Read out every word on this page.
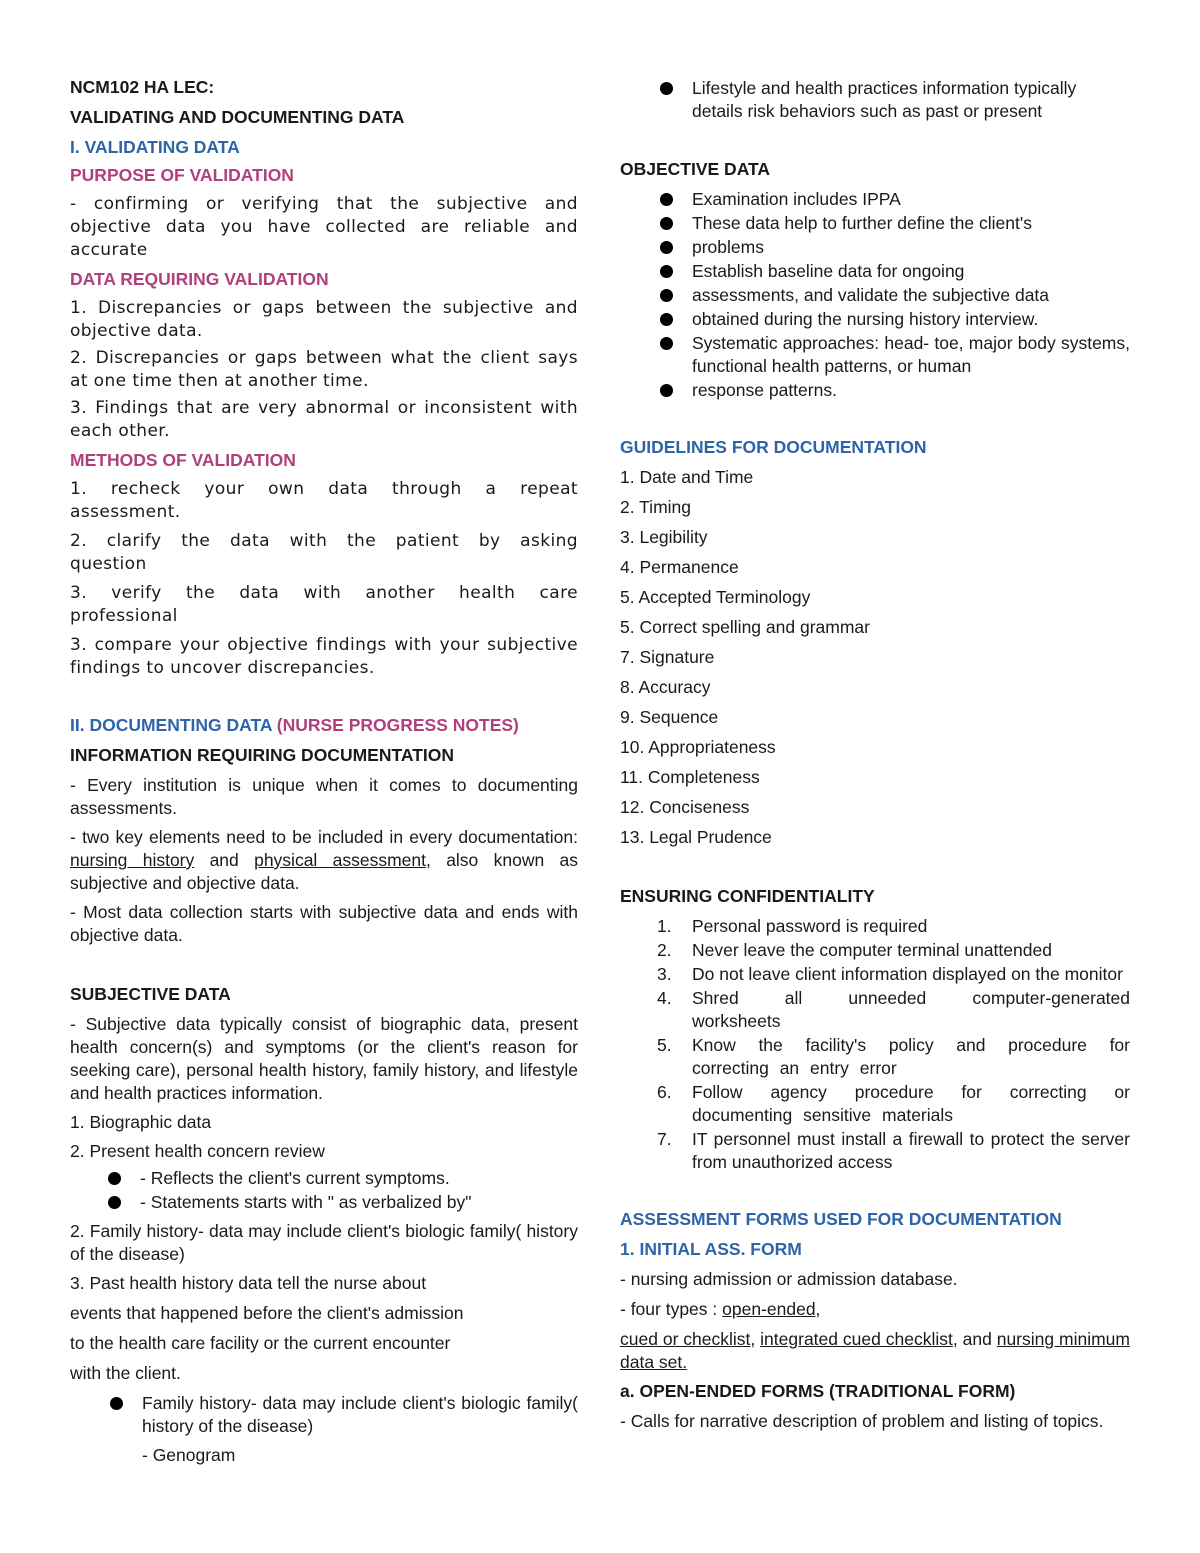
NCM102 HA LEC:
VALIDATING AND DOCUMENTING DATA
I. VALIDATING DATA
PURPOSE OF VALIDATION
- confirming or verifying that the subjective and objective data you have collected are reliable and accurate
DATA REQUIRING VALIDATION
1. Discrepancies or gaps between the subjective and objective data.
2. Discrepancies or gaps between what the client says at one time then at another time.
3. Findings that are very abnormal or inconsistent with each other.
METHODS OF VALIDATION
1. recheck your own data through a repeat assessment.
2. clarify the data with the patient by asking question
3. verify the data with another health care professional
3. compare your objective findings with your subjective findings to uncover discrepancies.
II. DOCUMENTING DATA (NURSE PROGRESS NOTES)
INFORMATION REQUIRING DOCUMENTATION
- Every institution is unique when it comes to documenting assessments.
- two key elements need to be included in every documentation: nursing history and physical assessment, also known as subjective and objective data.
- Most data collection starts with subjective data and ends with objective data.
SUBJECTIVE DATA
- Subjective data typically consist of biographic data, present health concern(s) and symptoms (or the client's reason for seeking care), personal health history, family history, and lifestyle and health practices information.
1. Biographic data
2. Present health concern review
- Reflects the client's current symptoms.
- Statements starts with " as verbalized by"
2. Family history- data may include client's biologic family( history of the disease)
3. Past health history data tell the nurse about
events that happened before the client's admission
to the health care facility or the current encounter
with the client.
Family history- data may include client's biologic family( history of the disease)
- Genogram
Lifestyle and health practices information typically details risk behaviors such as past or present
OBJECTIVE DATA
Examination includes IPPA
These data help to further define the client's
problems
Establish baseline data for ongoing
assessments, and validate the subjective data
obtained during the nursing history interview.
Systematic approaches: head- toe, major body systems, functional health patterns, or human
response patterns.
GUIDELINES FOR DOCUMENTATION
1. Date and Time
2. Timing
3. Legibility
4. Permanence
5. Accepted Terminology
5. Correct spelling and grammar
7. Signature
8. Accuracy
9. Sequence
10. Appropriateness
11. Completeness
12. Conciseness
13. Legal Prudence
ENSURING CONFIDENTIALITY
1. Personal password is required
2. Never leave the computer terminal unattended
3. Do not leave client information displayed on the monitor
4. Shred all unneeded computer-generated worksheets
5. Know the facility's policy and procedure for correcting an entry error
6. Follow agency procedure for correcting or documenting sensitive materials
7. IT personnel must install a firewall to protect the server from unauthorized access
ASSESSMENT FORMS USED FOR DOCUMENTATION
1. INITIAL ASS. FORM
- nursing admission or admission database.
- four types : open-ended,
cued or checklist, integrated cued checklist, and nursing minimum data set.
a. OPEN-ENDED FORMS (TRADITIONAL FORM)
- Calls for narrative description of problem and listing of topics.
